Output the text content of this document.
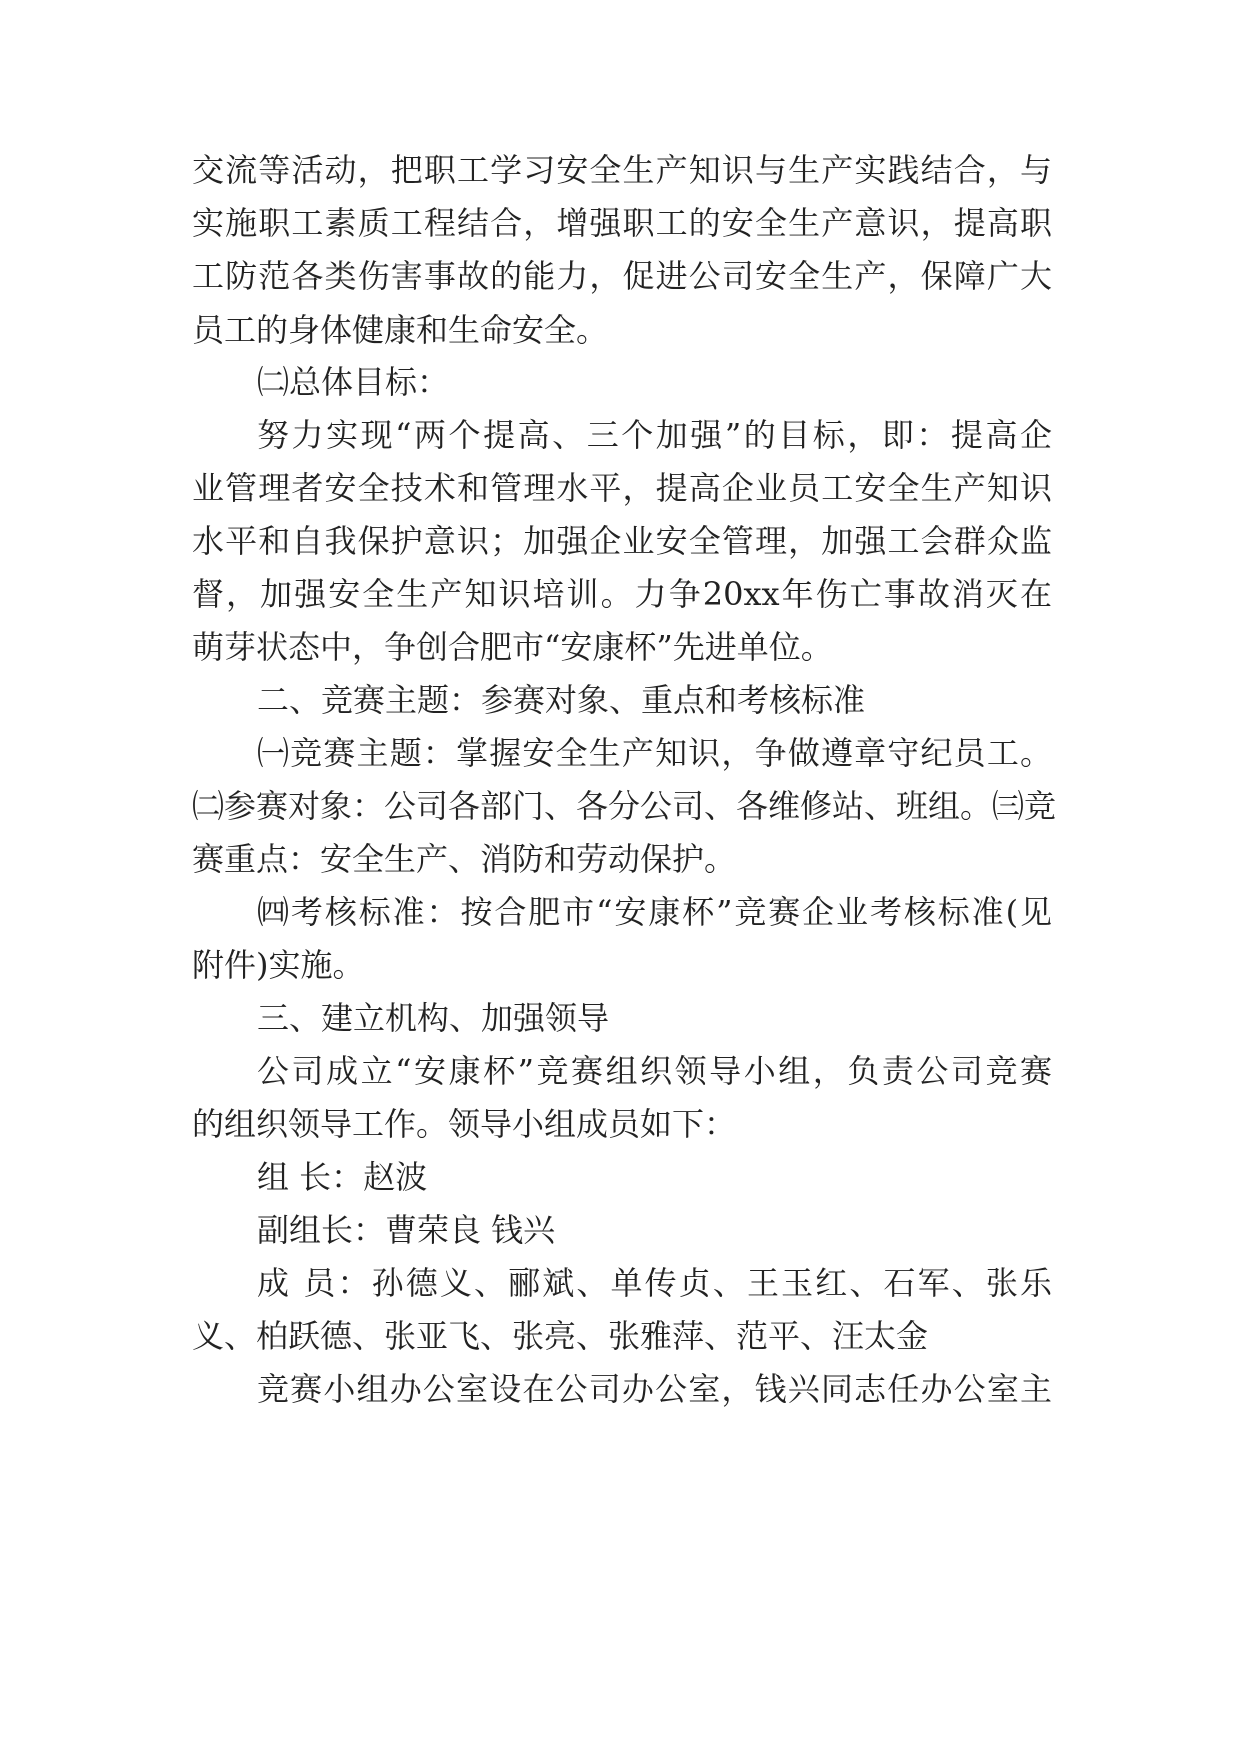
交流等活动，把职工学习安全生产知识与生产实践结合，与
实施职工素质工程结合，增强职工的安全生产意识，提高职
工防范各类伤害事故的能力，促进公司安全生产，保障广大
员工的身体健康和生命安全。
㈡总体目标：
努力实现“两个提高、三个加强”的目标，即：提高企
业管理者安全技术和管理水平，提高企业员工安全生产知识
水平和自我保护意识；加强企业安全管理，加强工会群众监
督，加强安全生产知识培训。力争20xx年伤亡事故消灭在
萌芽状态中，争创合肥市“安康杯”先进单位。
二、竞赛主题：参赛对象、重点和考核标准
㈠竞赛主题：掌握安全生产知识，争做遵章守纪员工。
㈡参赛对象：公司各部门、各分公司、各维修站、班组。㈢竞
赛重点：安全生产、消防和劳动保护。
㈣考核标准：按合肥市“安康杯”竞赛企业考核标准(见
附件)实施。
三、建立机构、加强领导
公司成立“安康杯”竞赛组织领导小组，负责公司竞赛
的组织领导工作。领导小组成员如下：
组 长：赵波
副组长：曹荣良 钱兴
成 员：孙德义、郦斌、单传贞、王玉红、石军、张乐
义、柏跃德、张亚飞、张亮、张雅萍、范平、汪太金
竞赛小组办公室设在公司办公室，钱兴同志任办公室主
